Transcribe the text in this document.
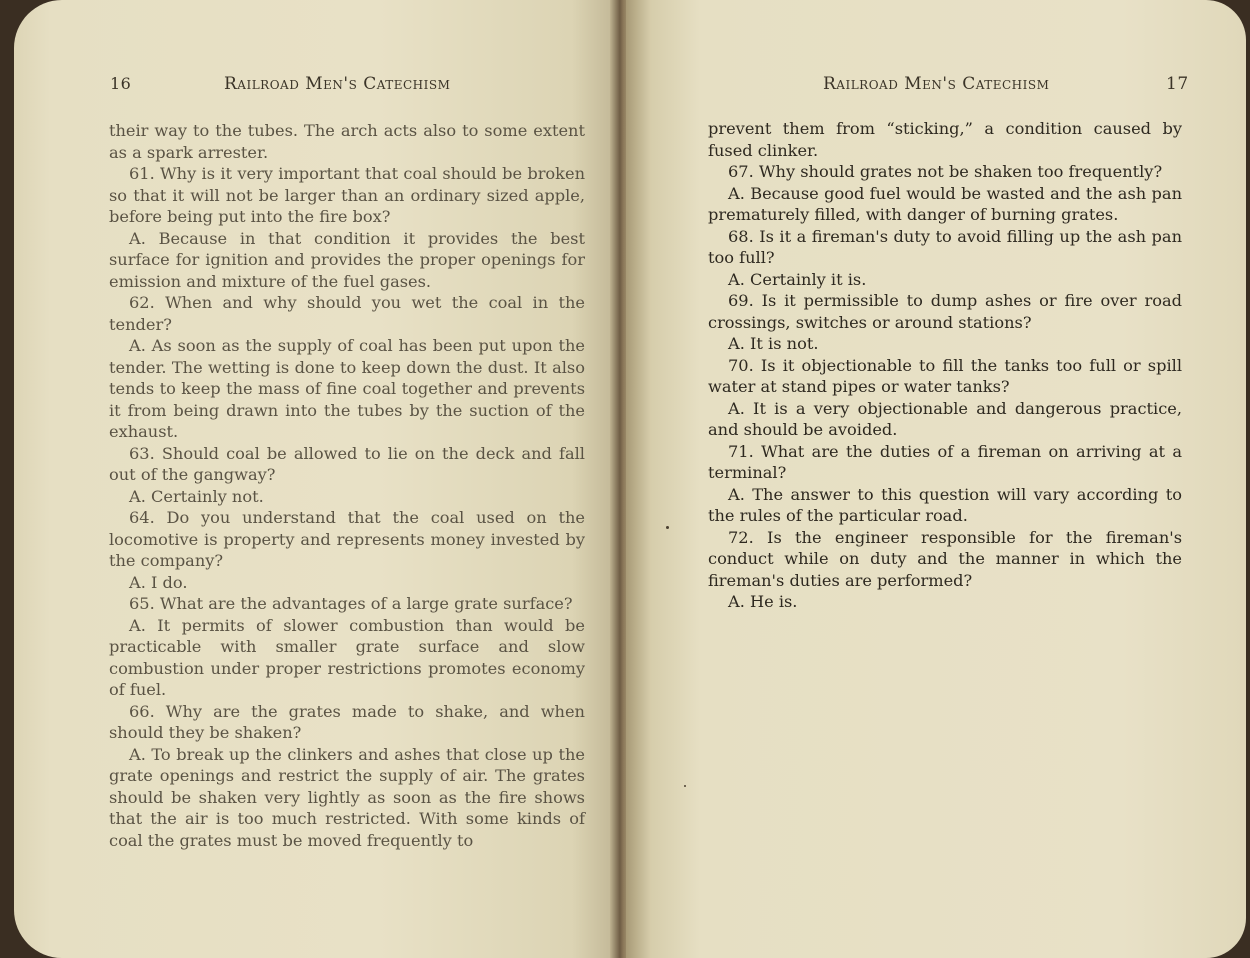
16	Railroad Men's Catechism

their way to the tubes. The arch acts also to some extent as a spark arrester.

61. Why is it very important that coal should be broken so that it will not be larger than an ordinary sized apple, before being put into the fire box?

A. Because in that condition it provides the best surface for ignition and provides the proper openings for emission and mixture of the fuel gases.

62. When and why should you wet the coal in the tender?

A. As soon as the supply of coal has been put upon the tender. The wetting is done to keep down the dust. It also tends to keep the mass of fine coal together and prevents it from being drawn into the tubes by the suction of the exhaust.

63. Should coal be allowed to lie on the deck and fall out of the gangway?

A. Certainly not.

64. Do you understand that the coal used on the locomotive is property and represents money invested by the company?

A. I do.

65. What are the advantages of a large grate surface?

A. It permits of slower combustion than would be practicable with smaller grate surface and slow combustion under proper restrictions promotes economy of fuel.

66. Why are the grates made to shake, and when should they be shaken?

A. To break up the clinkers and ashes that close up the grate openings and restrict the supply of air. The grates should be shaken very lightly as soon as the fire shows that the air is too much restricted. With some kinds of coal the grates must be moved frequently to

Railroad Men's Catechism	17

prevent them from “sticking,” a condition caused by fused clinker.

67. Why should grates not be shaken too frequently?

A. Because good fuel would be wasted and the ash pan prematurely filled, with danger of burning grates.

68. Is it a fireman's duty to avoid filling up the ash pan too full?

A. Certainly it is.

69. Is it permissible to dump ashes or fire over road crossings, switches or around stations?

A. It is not.

70. Is it objectionable to fill the tanks too full or spill water at stand pipes or water tanks?

A. It is a very objectionable and dangerous practice, and should be avoided.

71. What are the duties of a fireman on arriving at a terminal?

A. The answer to this question will vary according to the rules of the particular road.

72. Is the engineer responsible for the fireman's conduct while on duty and the manner in which the fireman's duties are performed?

A. He is.
